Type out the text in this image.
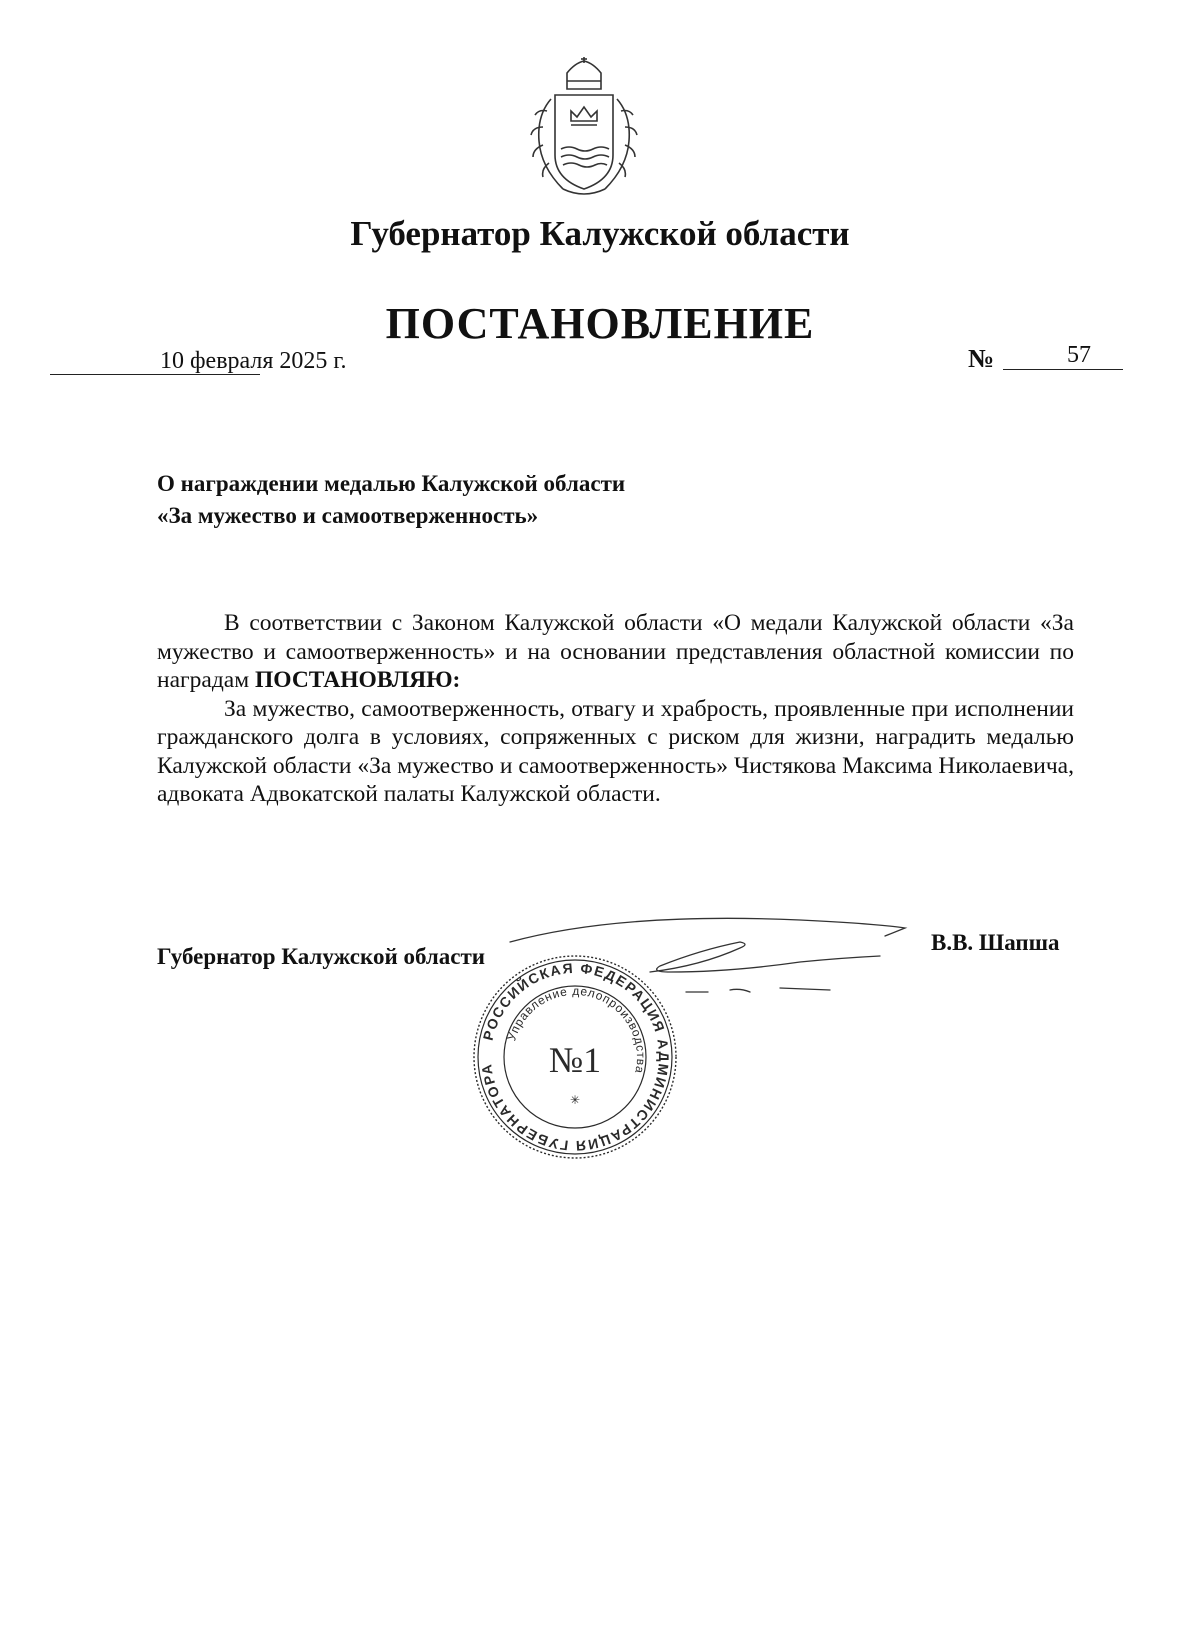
Губернатор Калужской области
ПОСТАНОВЛЕНИЕ
10 февраля 2025 г.	№	57
О награждении медалью Калужской области
«За мужество и самоотверженность»

В соответствии с Законом Калужской области «О медали Калужской области «За мужество и самоотверженность» и на основании представления областной комиссии по наградам ПОСТАНОВЛЯЮ:

За мужество, самоотверженность, отвагу и храбрость, проявленные при исполнении гражданского долга в условиях, сопряженных с риском для жизни, наградить медалью Калужской области «За мужество и самоотверженность» Чистякова Максима Николаевича, адвоката Адвокатской палаты Калужской области.

Губернатор Калужской области
В.В. Шапша
РОССИЙСКАЯ ФЕДЕРАЦИЯ АДМИНИСТРАЦИЯ ГУБЕРНАТОРА
Управление делопроизводства
№1
✳
